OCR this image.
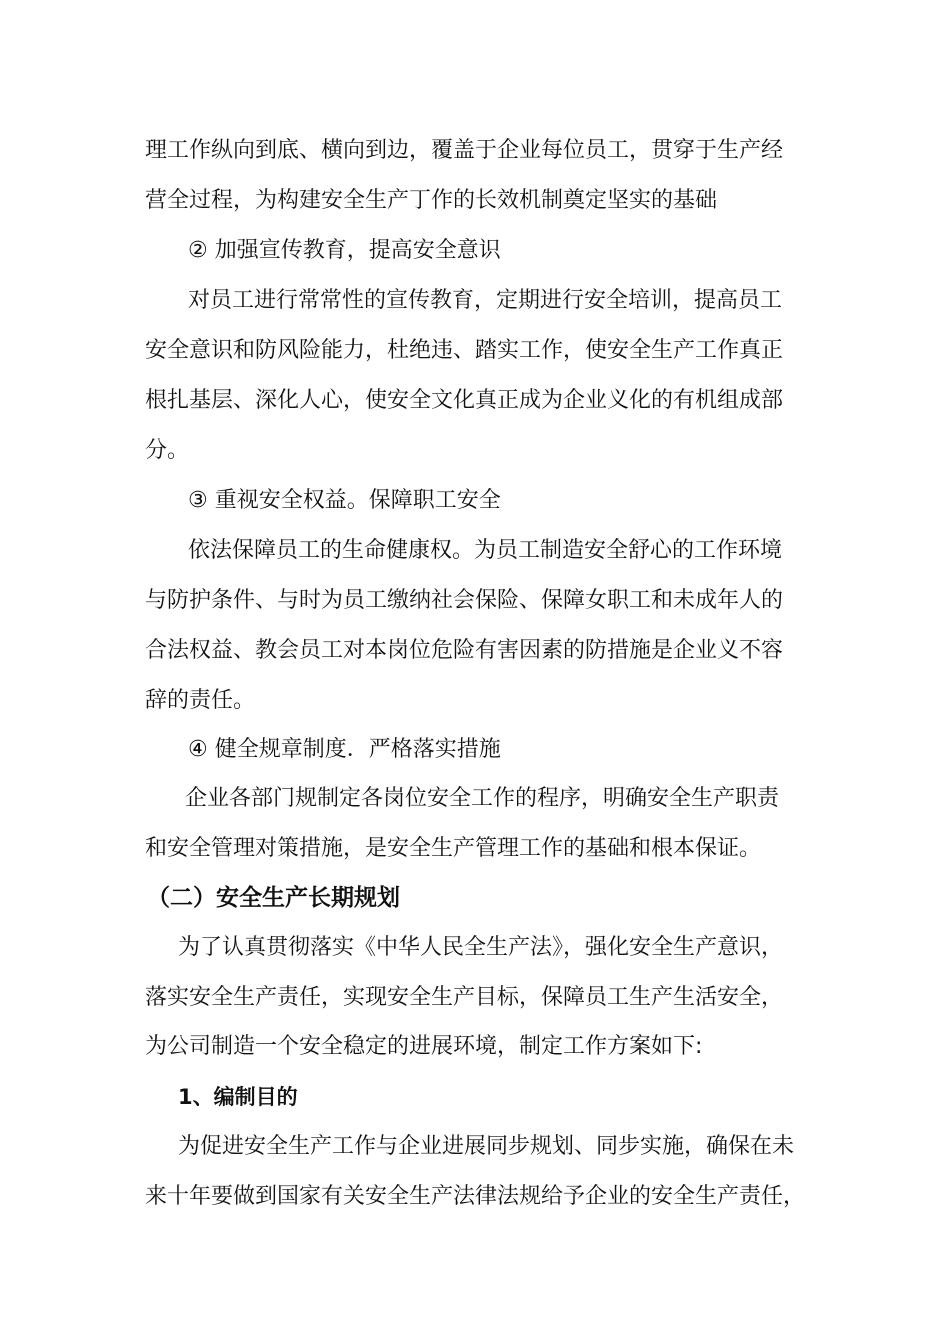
理工作纵向到底、横向到边，覆盖于企业每位员工，贯穿于生产经
营全过程，为构建安全生产丁作的长效机制奠定坚实的基础
② 加强宣传教育，提高安全意识
对员工进行常常性的宣传教育，定期进行安全培训，提高员工
安全意识和防风险能力，杜绝违、踏实工作，使安全生产工作真正
根扎基层、深化人心，使安全文化真正成为企业义化的有机组成部
分。
③ 重视安全权益。保障职工安全
依法保障员工的生命健康权。为员工制造安全舒心的工作环境
与防护条件、与时为员工缴纳社会保险、保障女职工和未成年人的
合法权益、教会员工对本岗位危险有害因素的防措施是企业义不容
辞的责任。
④ 健全规章制度．严格落实措施
企业各部门规制定各岗位安全工作的程序，明确安全生产职责
和安全管理对策措施，是安全生产管理工作的基础和根本保证。
（二）安全生产长期规划
为了认真贯彻落实《中华人民全生产法》，强化安全生产意识，
落实安全生产责任，实现安全生产目标，保障员工生产生活安全，
为公司制造一个安全稳定的进展环境，制定工作方案如下:
1、编制目的
为促进安全生产工作与企业进展同步规划、同步实施，确保在未
来十年要做到国家有关安全生产法律法规给予企业的安全生产责任，
